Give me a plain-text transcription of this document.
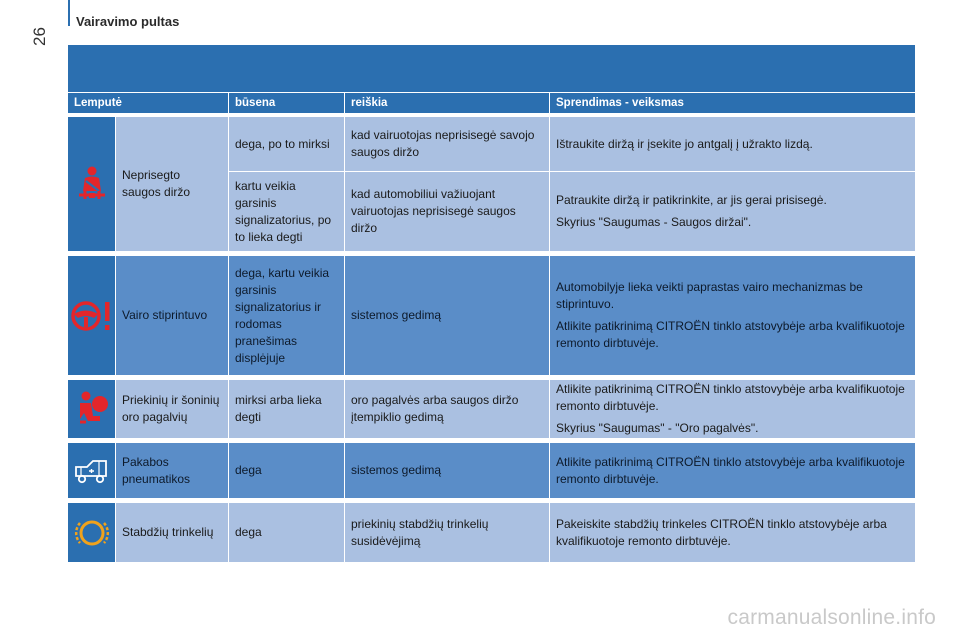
Vairavimo pultas
26
Lemputė		būsena	reiškia	Sprendimas - veiksmas

	Neprisegto saugos diržo	dega, po to mirksi	kad vairuotojas neprisisegė savojo saugos diržo	Ištraukite diržą ir įsekite jo antgalį į užrakto lizdą.

		kartu veikia garsinis signalizatorius, po to lieka degti	kad automobiliui važiuojant vairuotojas neprisisegė saugos diržo	Patraukite diržą ir patikrinkite, ar jis gerai prisisegė.

Skyrius "Saugumas - Saugos diržai".

	Vairo stiprintuvo	dega, kartu veikia garsinis signalizatorius ir rodomas pranešimas displėjuje	sistemos gedimą	Automobilyje lieka veikti paprastas vairo mechanizmas be stiprintuvo.

Atlikite patikrinimą CITROËN tinklo atstovybėje arba kvalifikuotoje remonto dirbtuvėje.

	Priekinių ir šoninių oro pagalvių	mirksi arba lieka degti	oro pagalvės arba saugos diržo įtempiklio gedimą	Atlikite patikrinimą CITROËN tinklo atstovybėje arba kvalifikuotoje remonto dirbtuvėje.

Skyrius "Saugumas" - "Oro pagalvės".

	Pakabos pneumatikos	dega	sistemos gedimą	Atlikite patikrinimą CITROËN tinklo atstovybėje arba kvalifikuotoje remonto dirbtuvėje.

	Stabdžių trinkelių	dega	priekinių stabdžių trinkelių susidėvėjimą	Pakeiskite stabdžių trinkeles CITROËN tinklo atstovybėje arba kvalifikuotoje remonto dirbtuvėje.

carmanualsonline.info
